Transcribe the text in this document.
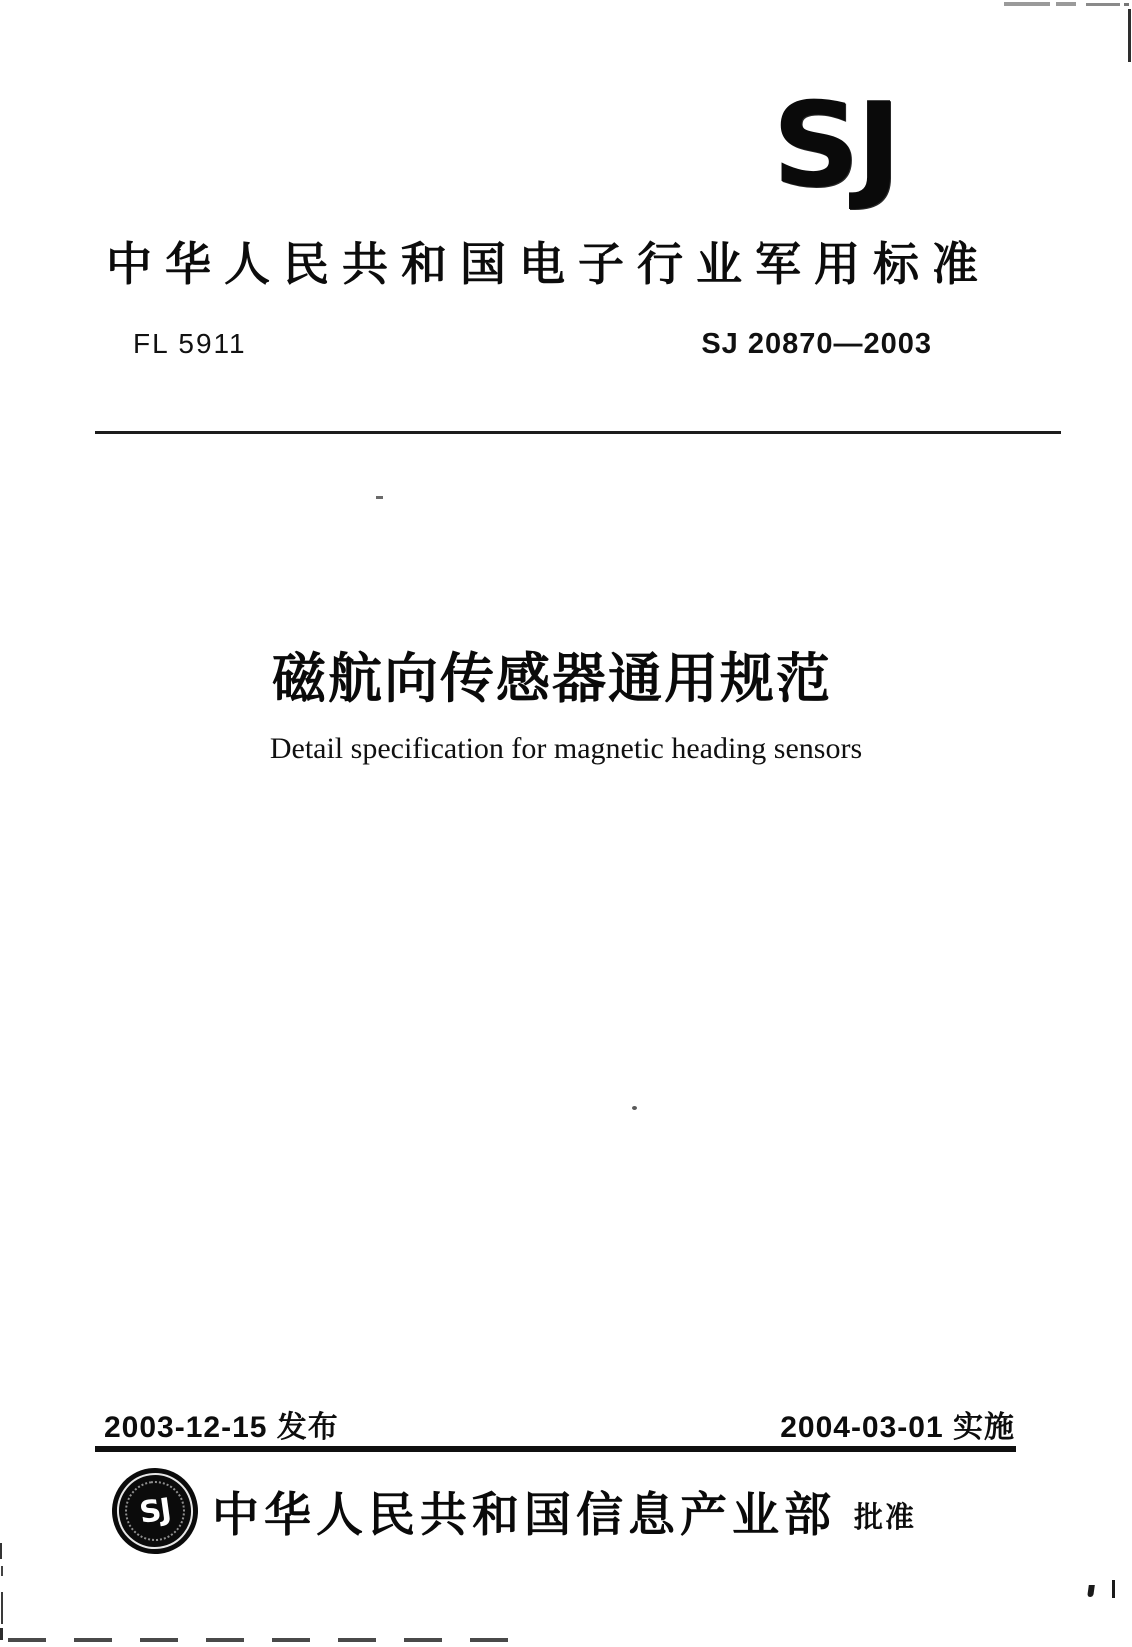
SJ
中华人民共和国电子行业军用标准
FL 5911	SJ 20870—2003
磁航向传感器通用规范
Detail specification for magnetic heading sensors
2003-12-15 发布	2004-03-01 实施
SJ 中华人民共和国信息产业部 批准
